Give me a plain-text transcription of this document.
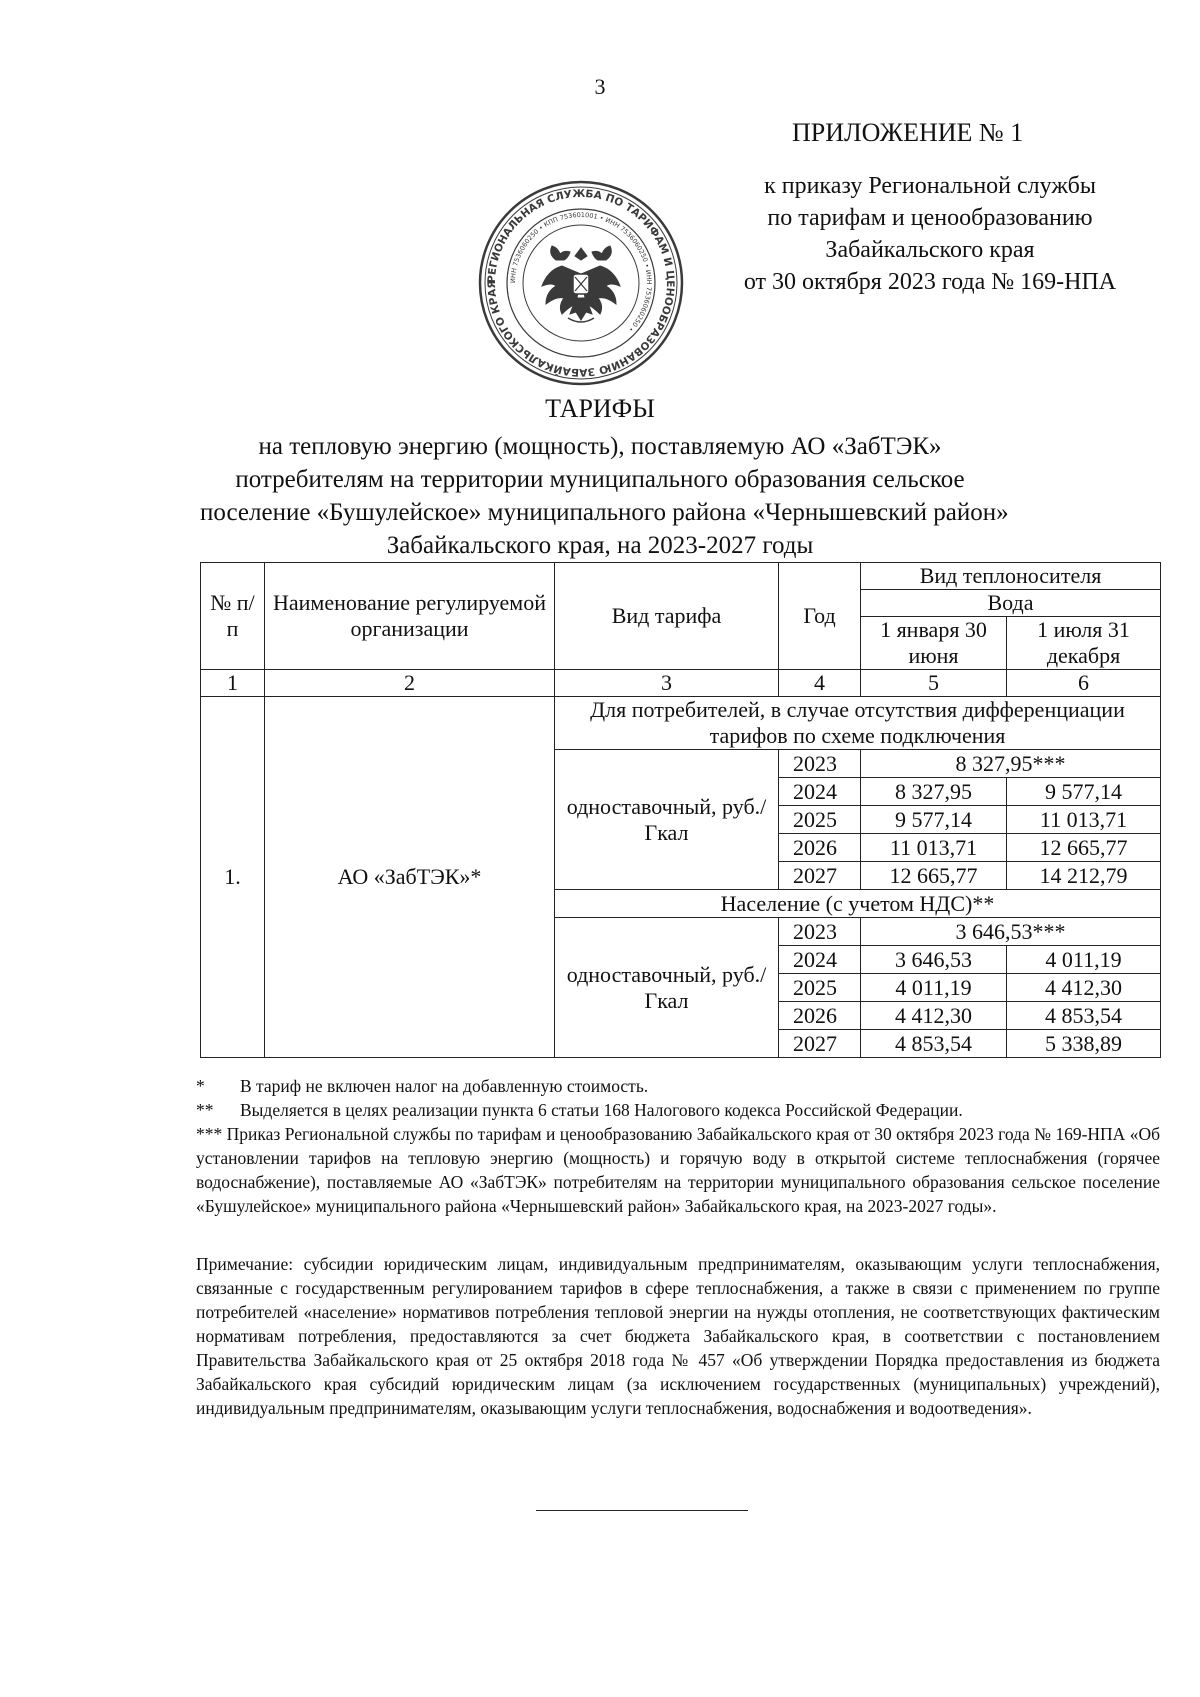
3
ПРИЛОЖЕНИЕ № 1
к приказу Региональной службы
по тарифам и ценообразованию
Забайкальского края
от 30 октября 2023 года № 169-НПА
РЕГИОНАЛЬНАЯ СЛУЖБА ПО ТАРИФАМ И ЦЕНООБРАЗОВАНИЮ ЗАБАЙКАЛЬСКОГО КРАЯ	ИНН 7536060250 • КПП 753601001 • ИНН 7536060250 • ИНН 7536060250 •
ТАРИФЫ
на тепловую энергию (мощность), поставляемую АО «ЗабТЭК»
потребителям на территории муниципального образования сельское
поселение «Бушулейское» муниципального района «Чернышевский район»
Забайкальского края, на 2023-2027 годы
№ п/п	Наименование регулируемой организации	Вид тарифа	Год	Вид теплоносителя	
				Вода	
				1 января 30 июня	1 июля 31 декабря
1	2	3	4	5	6
1.	АО «ЗабТЭК»*	Для потребителей, в случае отсутствия дифференциации тарифов по схеме подключения			
		одноставочный, руб./Гкал	2023	8 327,95***	
			2024	8 327,95	9 577,14
			2025	9 577,14	11 013,71
			2026	11 013,71	12 665,77
			2027	12 665,77	14 212,79
		Население (с учетом НДС)**			
		одноставочный, руб./Гкал	2023	3 646,53***	
			2024	3 646,53	4 011,19
			2025	4 011,19	4 412,30
			2026	4 412,30	4 853,54
			2027	4 853,54	5 338,89
* В тариф не включен налог на добавленную стоимость.
** Выделяется в целях реализации пункта 6 статьи 168 Налогового кодекса Российской Федерации.
*** Приказ Региональной службы по тарифам и ценообразованию Забайкальского края от 30 октября 2023 года № 169-НПА «Об установлении тарифов на тепловую энергию (мощность) и горячую воду в открытой системе теплоснабжения (горячее водоснабжение), поставляемые АО «ЗабТЭК» потребителям на территории муниципального образования сельское поселение «Бушулейское» муниципального района «Чернышевский район» Забайкальского края, на 2023-2027 годы».
Примечание: субсидии юридическим лицам, индивидуальным предпринимателям, оказывающим услуги теплоснабжения, связанные с государственным регулированием тарифов в сфере теплоснабжения, а также в связи с применением по группе потребителей «население» нормативов потребления тепловой энергии на нужды отопления, не соответствующих фактическим нормативам потребления, предоставляются за счет бюджета Забайкальского края, в соответствии с постановлением Правительства Забайкальского края от 25 октября 2018 года № 457 «Об утверждении Порядка предоставления из бюджета Забайкальского края субсидий юридическим лицам (за исключением государственных (муниципальных) учреждений), индивидуальным предпринимателям, оказывающим услуги теплоснабжения, водоснабжения и водоотведения».
